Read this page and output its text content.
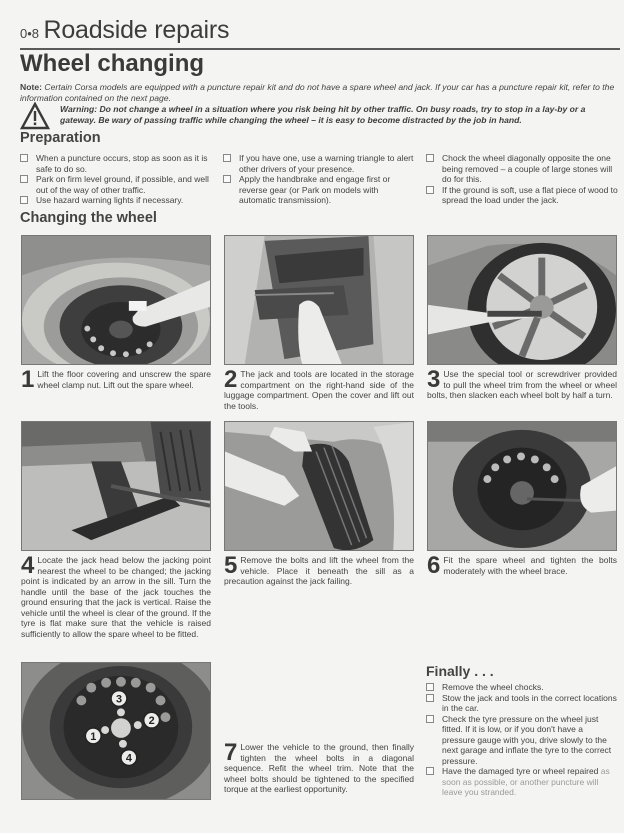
0•8 Roadside repairs
Wheel changing
Note: Certain Corsa models are equipped with a puncture repair kit and do not have a spare wheel and jack. If your car has a puncture repair kit, refer to the information contained on the next page.
Warning: Do not change a wheel in a situation where you risk being hit by other traffic. On busy roads, try to stop in a lay-by or a gateway. Be wary of passing traffic while changing the wheel – it is easy to become distracted by the job in hand.
Preparation
When a puncture occurs, stop as soon as it is safe to do so.
Park on firm level ground, if possible, and well out of the way of other traffic.
Use hazard warning lights if necessary.
If you have one, use a warning triangle to alert other drivers of your presence.
Apply the handbrake and engage first or reverse gear (or Park on models with automatic transmission).
Chock the wheel diagonally opposite the one being removed – a couple of large stones will do for this.
If the ground is soft, use a flat piece of wood to spread the load under the jack.
Changing the wheel
1 Lift the floor covering and unscrew the spare wheel clamp nut. Lift out the spare wheel.	2 The jack and tools are located in the storage compartment on the right-hand side of the luggage compartment. Open the cover and lift out the tools.
3 Use the special tool or screwdriver provided to pull the wheel trim from the wheel or wheel bolts, then slacken each wheel bolt by half a turn.
4 Locate the jack head below the jacking point nearest the wheel to be changed; the jacking point is indicated by an arrow in the sill. Turn the handle until the base of the jack touches the ground ensuring that the jack is vertical. Raise the vehicle until the wheel is clear of the ground. If the tyre is flat make sure that the vehicle is raised sufficiently to allow the spare wheel to be fitted.
5 Remove the bolts and lift the wheel from the vehicle. Place it beneath the sill as a precaution against the jack failing.
6 Fit the spare wheel and tighten the bolts moderately with the wheel brace.
3
2
1
4	7 Lower the vehicle to the ground, then finally tighten the wheel bolts in a diagonal sequence. Refit the wheel trim. Note that the wheel bolts should be tightened to the specified torque at the earliest opportunity.
Finally . . .
Remove the wheel chocks.
Stow the jack and tools in the correct locations in the car.
Check the tyre pressure on the wheel just fitted. If it is low, or if you don't have a pressure gauge with you, drive slowly to the next garage and inflate the tyre to the correct pressure.
Have the damaged tyre or wheel repaired as soon as possible, or another puncture will leave you stranded.
